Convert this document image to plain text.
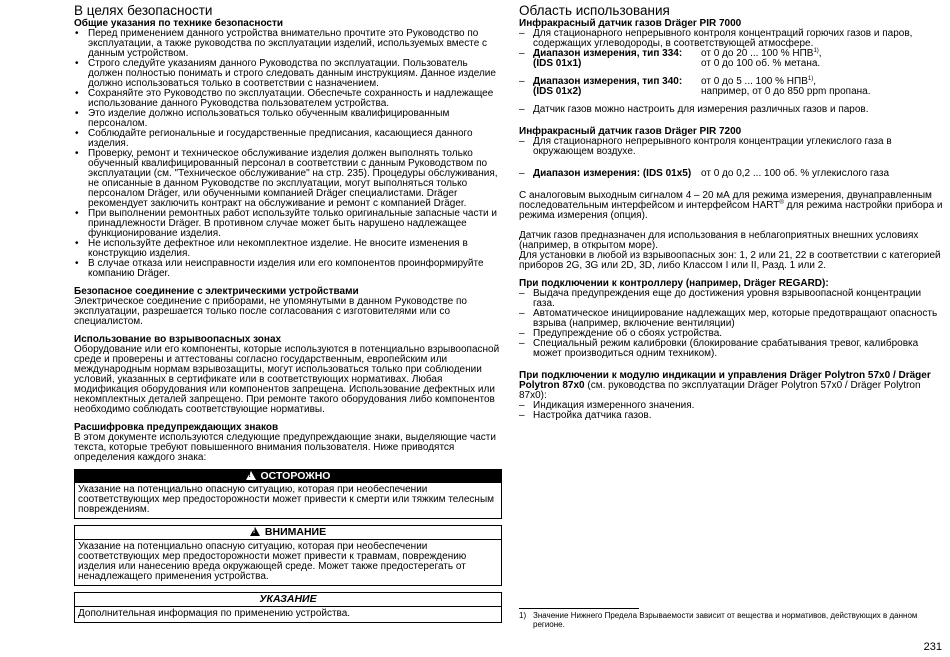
В целях безопасности
Общие указания по технике безопасности
• Перед применением данного устройства внимательно прочтите это Руководство по эксплуатации, а также руководства по эксплуатации изделий, используемых вместе с данным устройством.
• Строго следуйте указаниям данного Руководства по эксплуатации. Пользователь должен полностью понимать и строго следовать данным инструкциям. Данное изделие должно использоваться только в соответствии с назначением.
• Сохраняйте это Руководство по эксплуатации. Обеспечьте сохранность и надлежащее использование данного Руководства пользователем устройства.
• Это изделие должно использоваться только обученным квалифицированным персоналом.
• Соблюдайте региональные и государственные предписания, касающиеся данного изделия.
• Проверку, ремонт и техническое обслуживание изделия должен выполнять только обученный квалифицированный персонал в соответствии с данным Руководством по эксплуатации (см. "Техническое обслуживание" на стр. 235). Процедуры обслуживания, не описанные в данном Руководстве по эксплуатации, могут выполняться только персоналом Dräger, или обученными компанией Dräger специалистами. Dräger рекомендует заключить контракт на обслуживание и ремонт с компанией Dräger.
• При выполнении ремонтных работ используйте только оригинальные запасные части и принадлежности Dräger. В противном случае может быть нарушено надлежащее функционирование изделия.
• Не используйте дефектное или некомплектное изделие. Не вносите изменения в конструкцию изделия.
• В случае отказа или неисправности изделия или его компонентов проинформируйте компанию Dräger.
Безопасное соединение с электрическими устройствами

Электрическое соединение с приборами, не упомянутыми в данном Руководстве по эксплуатации, разрешается только после согласования с изготовителями или со специалистом.

Использование во взрывоопасных зонах

Оборудование или его компоненты, которые используются в потенциально взрывоопасной среде и проверены и аттестованы согласно государственным, европейским или международным нормам взрывозащиты, могут использоваться только при соблюдении условий, указанных в сертификате или в соответствующих нормативах. Любая модификация оборудования или компонентов запрещена. Использование дефектных или некомплектных деталей запрещено. При ремонте такого оборудования либо компонентов необходимо соблюдать соответствующие нормативы.

Расшифровка предупреждающих знаков

В этом документе используются следующие предупреждающие знаки, выделяющие части текста, которые требуют повышенного внимания пользователя. Ниже приводятся определения каждого знака:

!ОСТОРОЖНО
Указание на потенциально опасную ситуацию, которая при необеспечении соответствующих мер предосторожности может привести к смерти или тяжким телесным повреждениям.
!ВНИМАНИЕ
Указание на потенциально опасную ситуацию, которая при необеспечении соответствующих мер предосторожности может привести к травмам, повреждению изделия или нанесению вреда окружающей среде. Может также предостерегать от ненадлежащего применения устройства.
УКАЗАНИЕ
Дополнительная информация по применению устройства.
Область использования
Инфракрасный датчик газов Dräger PIR 7000
– Для стационарного непрерывного контроля концентраций горючих газов и паров, содержащих углеводороды, в соответствующей атмосфере.
– Диапазон измерения, тип 334:
(IDS 01x1)
от 0 до 20 ... 100 % НПВ$^{1)}$,
от 0 до 100 об. % метана.
– Диапазон измерения, тип 340:
(IDS 01x2)
от 0 до 5 ... 100 % НПВ$^{1)}$,
например, от 0 до 850 ppm пропана.
– Датчик газов можно настроить для измерения различных газов и паров.
Инфракрасный датчик газов Dräger PIR 7200
– Для стационарного непрерывного контроля концентрации углекислого газа в окружающем воздухе.
– Диапазон измерения: (IDS 01x5) от 0 до 0,2 ... 100 об. % углекислого газа

С аналоговым выходным сигналом 4 – 20 мА для режима измерения, двунаправленным последовательным интерфейсом и интерфейсом HART® для режима настройки прибора и режима измерения (опция).

Датчик газов предназначен для использования в неблагоприятных внешних условиях (например, в открытом море).

Для установки в любой из взрывоопасных зон: 1, 2 или 21, 22 в соответствии с категорией приборов 2G, 3G или 2D, 3D, либо Классом I или II, Разд. 1 или 2.

При подключении к контроллеру (например, Dräger REGARD):
– Выдача предупреждения еще до достижения уровня взрывоопасной концентрации газа.
– Автоматическое инициирование надлежащих мер, которые предотвращают опасность взрыва (например, включение вентиляции)
– Предупреждение об о сбоях устройства.
– Специальный режим калибровки (блокирование срабатывания тревог, калибровка может производиться одним техником).

При подключении к модулю индикации и управления Dräger Polytron 57x0 / Dräger Polytron 87x0 (см. руководства по эксплуатации Dräger Polytron 57x0 / Dräger Polytron 87x0):

– Индикация измеренного значения.
– Настройка датчика газов.
1) Значение Нижнего Предела Взрываемости зависит от вещества и нормативов, действующих в данном регионе.
231
